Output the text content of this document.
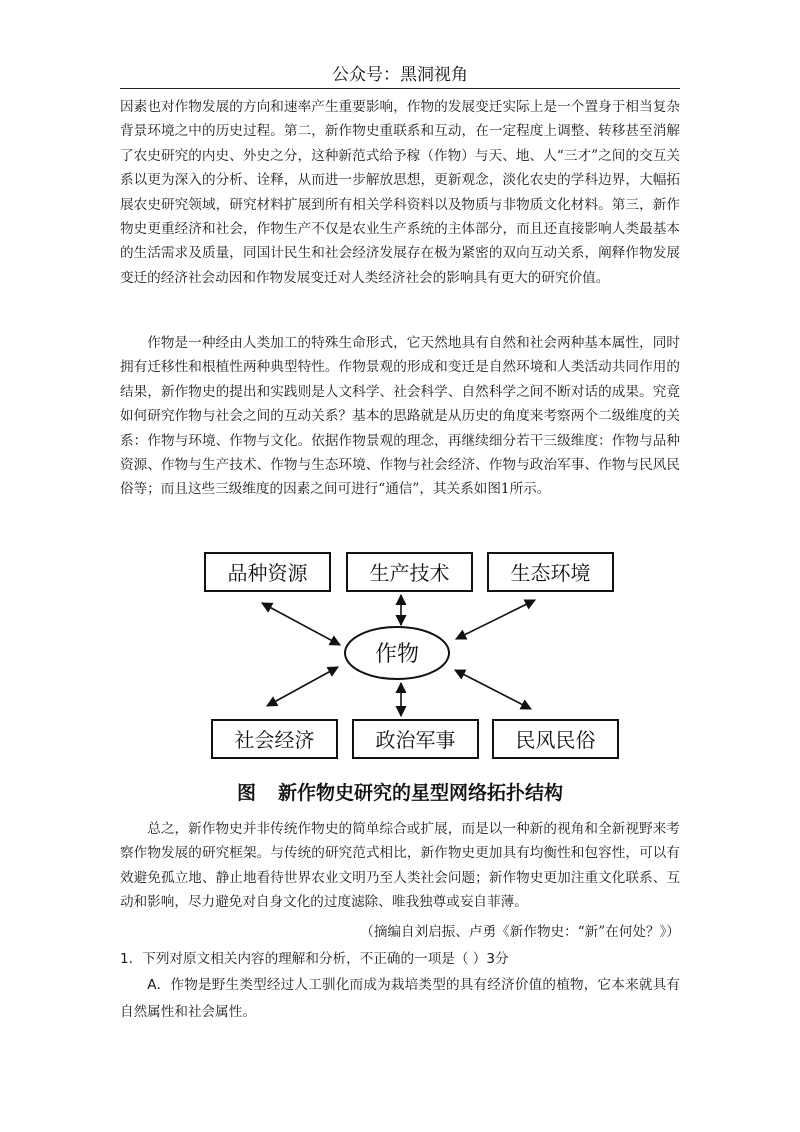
公众号：黑洞视角

因素也对作物发展的方向和速率产生重要影响，作物的发展变迁实际上是一个置身于相当复杂背景环境之中的历史过程。第二，新作物史重联系和互动，在一定程度上调整、转移甚至消解了农史研究的内史、外史之分，这种新范式给予稼（作物）与天、地、人“三才”之间的交互关系以更为深入的分析、诠释，从而进一步解放思想，更新观念，淡化农史的学科边界，大幅拓展农史研究领域，研究材料扩展到所有相关学科资料以及物质与非物质文化材料。第三，新作物史更重经济和社会，作物生产不仅是农业生产系统的主体部分，而且还直接影响人类最基本的生活需求及质量，同国计民生和社会经济发展存在极为紧密的双向互动关系，阐释作物发展变迁的经济社会动因和作物发展变迁对人类经济社会的影响具有更大的研究价值。

作物是一种经由人类加工的特殊生命形式，它天然地具有自然和社会两种基本属性，同时拥有迁移性和根植性两种典型特性。作物景观的形成和变迁是自然环境和人类活动共同作用的结果，新作物史的提出和实践则是人文科学、社会科学、自然科学之间不断对话的成果。究竟如何研究作物与社会之间的互动关系？基本的思路就是从历史的角度来考察两个二级维度的关系：作物与环境、作物与文化。依据作物景观的理念，再继续细分若干三级维度：作物与品种资源、作物与生产技术、作物与生态环境、作物与社会经济、作物与政治军事、作物与民风民俗等；而且这些三级维度的因素之间可进行“通信”，其关系如图1所示。

品种资源	生产技术	生态环境
作物
社会经济	政治军事	民风民俗
图 新作物史研究的星型网络拓扑结构

总之，新作物史并非传统作物史的简单综合或扩展，而是以一种新的视角和全新视野来考察作物发展的研究框架。与传统的研究范式相比，新作物史更加具有均衡性和包容性，可以有效避免孤立地、静止地看待世界农业文明乃至人类社会问题；新作物史更加注重文化联系、互动和影响，尽力避免对自身文化的过度滤除、唯我独尊或妄自菲薄。

（摘编自刘启振、卢勇《新作物史：“新”在何处？》）

1．下列对原文相关内容的理解和分析，不正确的一项是（ ）3分

A．作物是野生类型经过人工驯化而成为栽培类型的具有经济价值的植物，它本来就具有自然属性和社会属性。
